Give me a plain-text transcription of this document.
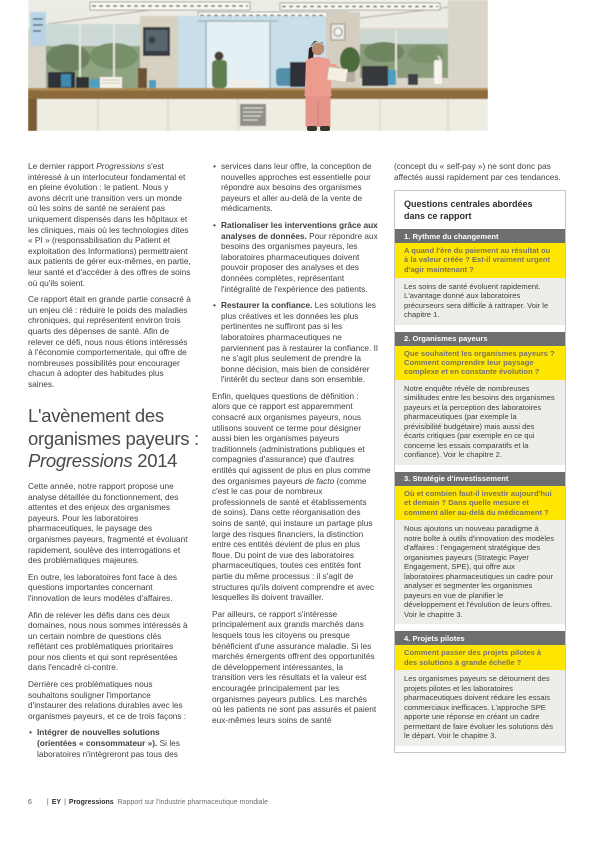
Le dernier rapport Progressions s'est intéressé à un interlocuteur fondamental et en pleine évolution : le patient. Nous y avons décrit une transition vers un monde où les soins de santé ne seraient pas uniquement dispensés dans les hôpitaux et les cliniques, mais où les technologies dites « PI » (responsabilisation du Patient et exploitation des Informations) permettraient aux patients de gérer eux-mêmes, en partie, leur santé et d'accéder à des offres de soins où qu'ils soient.

Ce rapport était en grande partie consacré à un enjeu clé : réduire le poids des maladies chroniques, qui représentent environ trois quarts des dépenses de santé. Afin de relever ce défi, nous nous étions intéressés à l'économie comportementale, qui offre de nombreuses possibilités pour encourager chacun à adopter des habitudes plus saines.

L'avènement des
organismes payeurs :
Progressions 2014

Cette année, notre rapport propose une analyse détaillée du fonctionnement, des attentes et des enjeux des organismes payeurs. Pour les laboratoires pharmaceutiques, le paysage des organismes payeurs, fragmenté et évoluant rapidement, soulève des interrogations et des problématiques majeures.

En outre, les laboratoires font face à des questions importantes concernant l'innovation de leurs modèles d'affaires.

Afin de relever les défis dans ces deux domaines, nous nous sommes intéressés à un certain nombre de questions clés reflétant ces problématiques prioritaires pour nos clients et qui sont représentées dans l'encadré ci-contre.

Derrière ces problématiques nous souhaitons souligner l'importance d'instaurer des relations durables avec les organismes payeurs, et ce de trois façons :

• Intégrer de nouvelles solutions (orientées « consommateur »). Si les laboratoires n'intègreront pas tous des
• services dans leur offre, la conception de nouvelles approches est essentielle pour répondre aux besoins des organismes payeurs et aller au-delà de la vente de médicaments.
• Rationaliser les interventions grâce aux analyses de données. Pour répondre aux besoins des organismes payeurs, les laboratoires pharmaceutiques doivent pouvoir proposer des analyses et des données complètes, représentant l'intégralité de l'expérience des patients.
• Restaurer la confiance. Les solutions les plus créatives et les données les plus pertinentes ne suffiront pas si les laboratoires pharmaceutiques ne parviennent pas à restaurer la confiance. Il ne s'agit plus seulement de prendre la bonne décision, mais bien de considérer l'intérêt du secteur dans son ensemble.

Enfin, quelques questions de définition : alors que ce rapport est apparemment consacré aux organismes payeurs, nous utilisons souvent ce terme pour désigner aussi bien les organismes payeurs traditionnels (administrations publiques et compagnies d'assurance) que d'autres entités qui agissent de plus en plus comme des organismes payeurs de facto (comme c'est le cas pour de nombreux professionnels de santé et établissements de soins). Dans cette réorganisation des soins de santé, qui instaure un partage plus large des risques financiers, la distinction entre ces entités devient de plus en plus floue. Du point de vue des laboratoires pharmaceutiques, toutes ces entités font partie du même processus : il s'agit de structures qu'ils doivent comprendre et avec lesquelles ils doivent travailler.

Par ailleurs, ce rapport s'intéresse principalement aux grands marchés dans lesquels tous les citoyens ou presque bénéficient d'une assurance maladie. Si les marchés émergents offrent des opportunités de développement intéressantes, la transition vers les résultats et la valeur est encouragée principalement par les organismes payeurs publics. Les marchés où les patients ne sont pas assurés et paient eux-mêmes leurs soins de santé

(concept du « self-pay ») ne sont donc pas affectés aussi rapidement par ces tendances.

Questions centrales abordées dans ce rapport
1. Rythme du changement
A quand l'ère du paiement au résultat ou à la valeur créée ? Est-il vraiment urgent d'agir maintenant ?
Les soins de santé évoluent rapidement. L'avantage donné aux laboratoires précurseurs sera difficile à rattraper. Voir le chapitre 1.
2. Organismes payeurs
Que souhaitent les organismes payeurs ? Comment comprendre leur paysage complexe et en constante évolution ?
Notre enquête révèle de nombreuses similitudes entre les besoins des organismes payeurs et la perception des laboratoires pharmaceutiques (par exemple la prévisibilité budgétaire) mais aussi des écarts critiques (par exemple en ce qui concerne les essais comparatifs et la confiance). Voir le chapitre 2.
3. Stratégie d'investissement
Où et combien faut-il investir aujourd'hui et demain ? Dans quelle mesure et comment aller au-delà du médicament ?
Nous ajoutons un nouveau paradigme à notre boîte à outils d'innovation des modèles d'affaires : l'engagement stratégique des organismes payeurs (Strategic Payer Engagement, SPE), qui offre aux laboratoires pharmaceutiques un cadre pour analyser et segmenter les organismes payeurs en vue de planifier le développement et l'évolution de leurs offres. Voir le chapitre 3.
4. Projets pilotes
Comment passer des projets pilotes à des solutions à grande échelle ?
Les organismes payeurs se détournent des projets pilotes et les laboratoires pharmaceutiques doivent réduire les essais commerciaux inefficaces. L'approche SPE apporte une réponse en créant un cadre permettant de faire évoluer les solutions dès le départ. Voir le chapitre 3.
6 | EY | Progressions Rapport sur l'industrie pharmaceutique mondiale
